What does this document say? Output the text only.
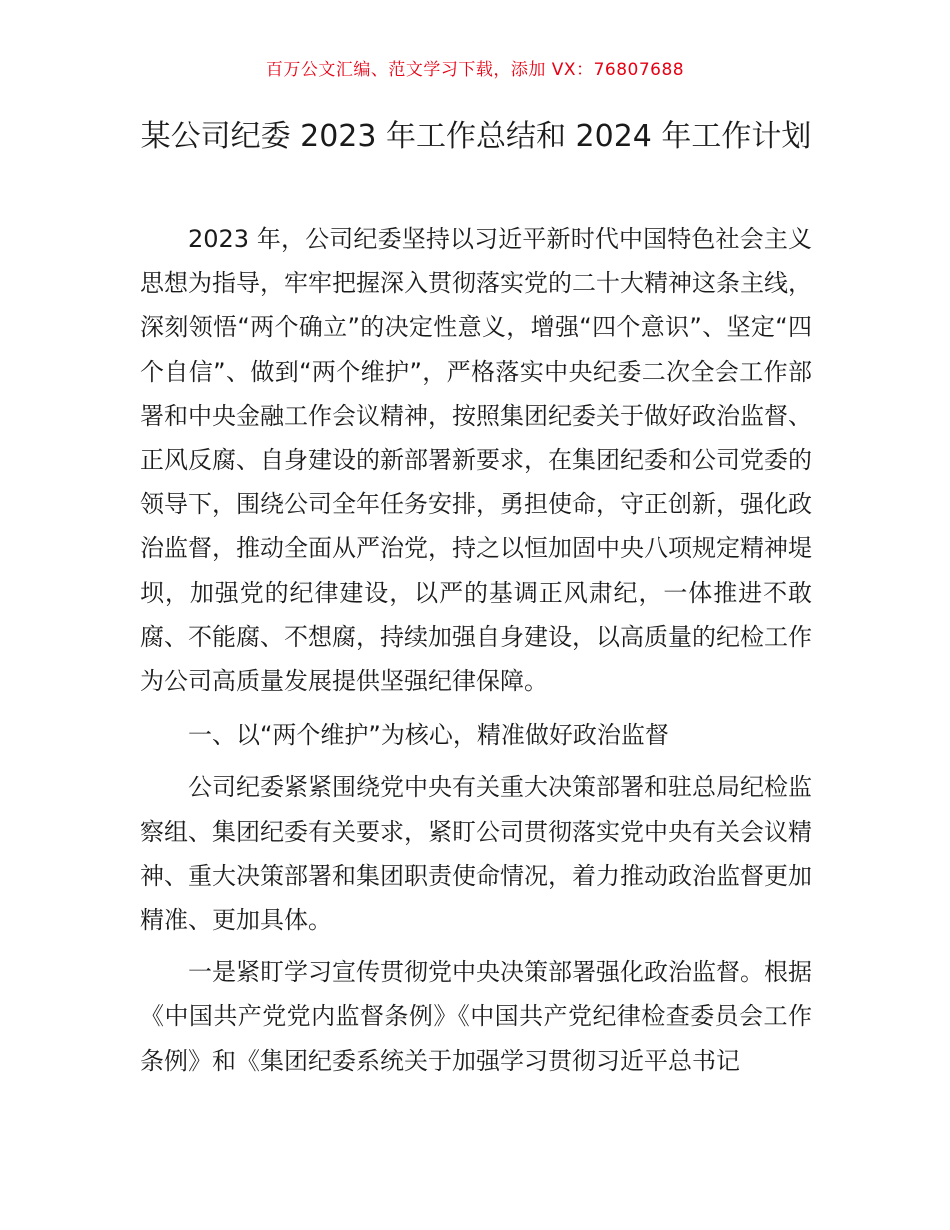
百万公文汇编、范文学习下载，添加 VX：76807688
某公司纪委 2023 年工作总结和 2024 年工作计划

2023 年，公司纪委坚持以习近平新时代中国特色社会主义思想为指导，牢牢把握深入贯彻落实党的二十大精神这条主线，深刻领悟“两个确立”的决定性意义，增强“四个意识”、坚定“四个自信”、做到“两个维护”，严格落实中央纪委二次全会工作部署和中央金融工作会议精神，按照集团纪委关于做好政治监督、正风反腐、自身建设的新部署新要求，在集团纪委和公司党委的领导下，围绕公司全年任务安排，勇担使命，守正创新，强化政治监督，推动全面从严治党，持之以恒加固中央八项规定精神堤坝，加强党的纪律建设，以严的基调正风肃纪，一体推进不敢腐、不能腐、不想腐，持续加强自身建设，以高质量的纪检工作为公司高质量发展提供坚强纪律保障。

一、以“两个维护”为核心，精准做好政治监督

公司纪委紧紧围绕党中央有关重大决策部署和驻总局纪检监察组、集团纪委有关要求，紧盯公司贯彻落实党中央有关会议精神、重大决策部署和集团职责使命情况，着力推动政治监督更加精准、更加具体。

一是紧盯学习宣传贯彻党中央决策部署强化政治监督。根据《中国共产党党内监督条例》《中国共产党纪律检查委员会工作条例》和《集团纪委系统关于加强学习贯彻习近平总书记
